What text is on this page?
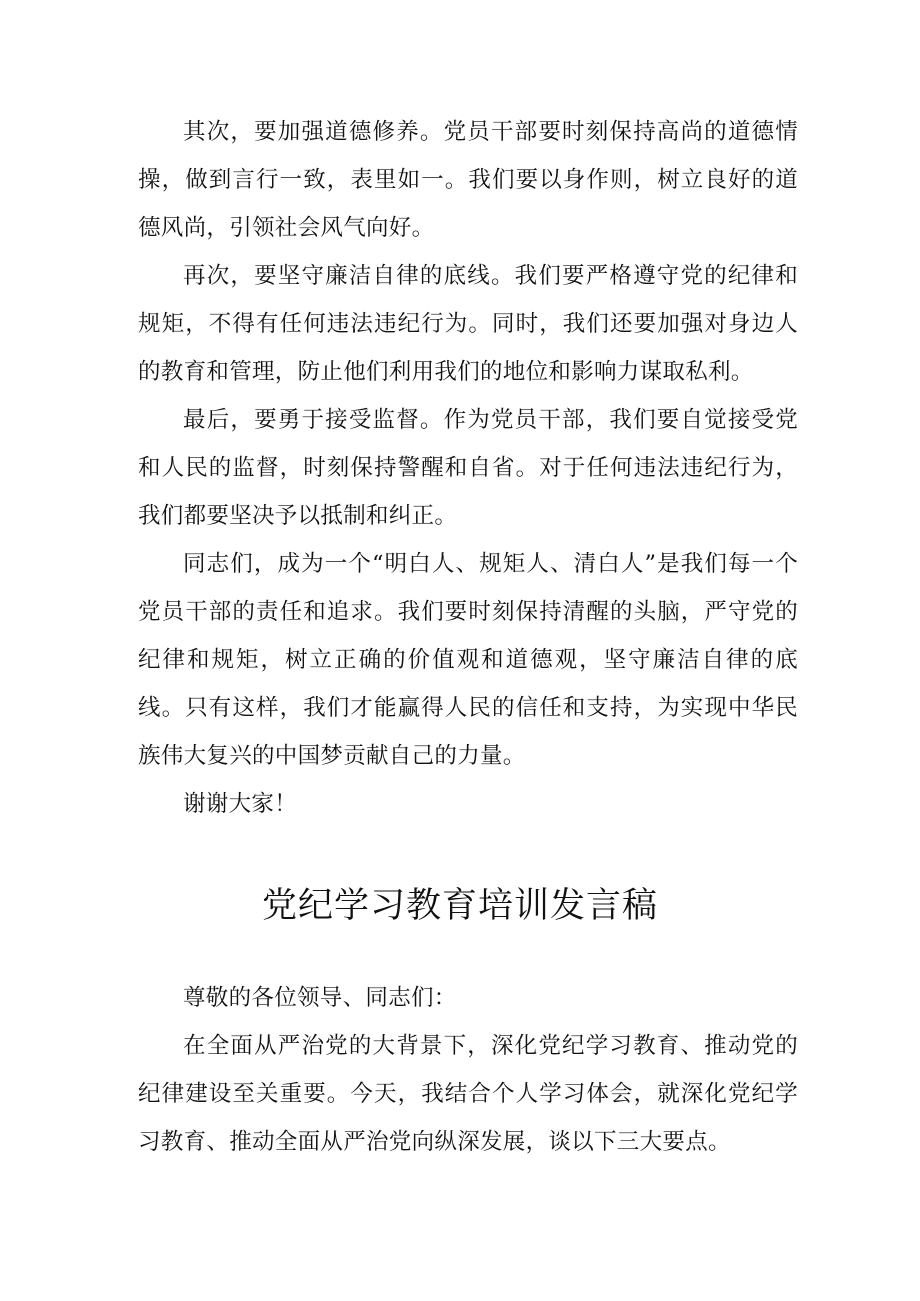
其次，要加强道德修养。党员干部要时刻保持高尚的道德情操，做到言行一致，表里如一。我们要以身作则，树立良好的道德风尚，引领社会风气向好。

再次，要坚守廉洁自律的底线。我们要严格遵守党的纪律和规矩，不得有任何违法违纪行为。同时，我们还要加强对身边人的教育和管理，防止他们利用我们的地位和影响力谋取私利。

最后，要勇于接受监督。作为党员干部，我们要自觉接受党和人民的监督，时刻保持警醒和自省。对于任何违法违纪行为，我们都要坚决予以抵制和纠正。

同志们，成为一个“明白人、规矩人、清白人”是我们每一个党员干部的责任和追求。我们要时刻保持清醒的头脑，严守党的纪律和规矩，树立正确的价值观和道德观，坚守廉洁自律的底线。只有这样，我们才能赢得人民的信任和支持，为实现中华民族伟大复兴的中国梦贡献自己的力量。

谢谢大家！

党纪学习教育培训发言稿

尊敬的各位领导、同志们：

在全面从严治党的大背景下，深化党纪学习教育、推动党的纪律建设至关重要。今天，我结合个人学习体会，就深化党纪学习教育、推动全面从严治党向纵深发展，谈以下三大要点。
